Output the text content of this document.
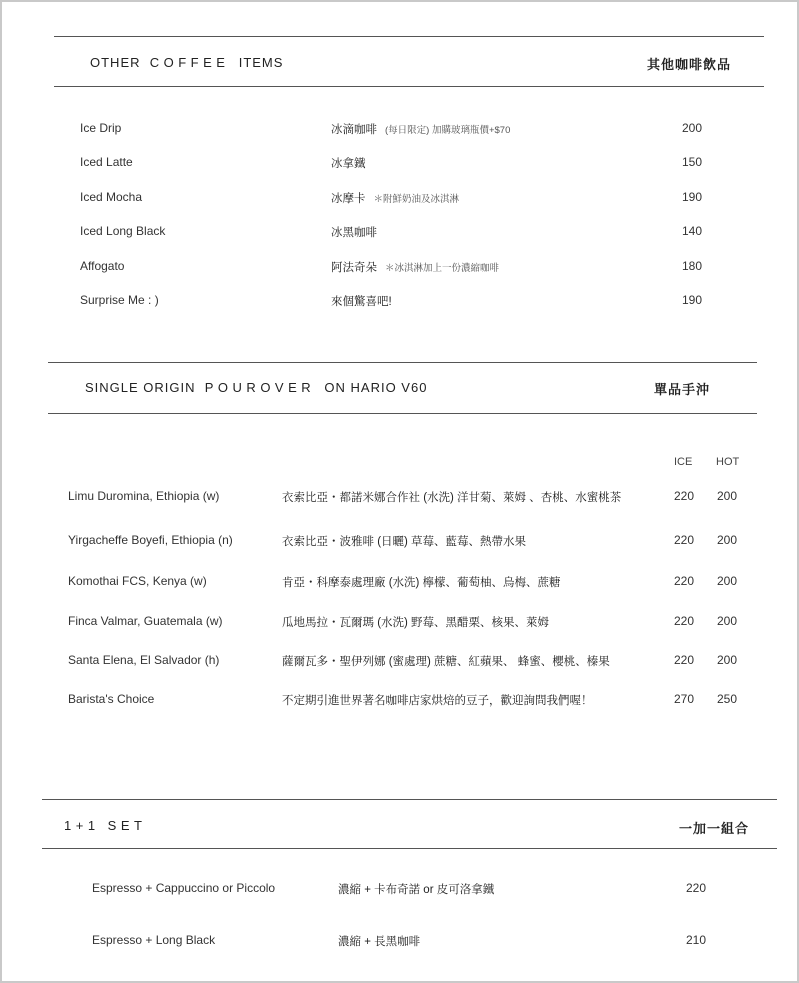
OTHER COFFEE ITEMS	其他咖啡飲品
Ice Drip	冰滴咖啡 (每日限定) 加購玻璃瓶價+$70	200
Iced Latte	冰拿鐵	150
Iced Mocha	冰摩卡 ＊附鮮奶油及冰淇淋	190
Iced Long Black	冰黑咖啡	140
Affogato	阿法奇朵 ＊冰淇淋加上一份濃縮咖啡	180
Surprise Me : )	來個驚喜吧!	190
SINGLE ORIGIN POUROVER ON HARIO V60	單品手沖
ICE HOT
Limu Duromina, Ethiopia (w)	衣索比亞・都諾米娜合作社 (水洗) 洋甘菊、萊姆 、杏桃、水蜜桃茶	220 200
Yirgacheffe Boyefi, Ethiopia (n)	衣索比亞・波雅啡 (日曬) 草莓、藍莓、熱帶水果	220 200
Komothai FCS, Kenya (w)	肯亞・科摩泰處理廠 (水洗) 檸檬、葡萄柚、烏梅、蔗糖	220 200
Finca Valmar, Guatemala (w)	瓜地馬拉・瓦爾瑪 (水洗) 野莓、黑醋栗、核果、萊姆	220 200
Santa Elena, El Salvador (h)	薩爾瓦多・聖伊列娜 (蜜處理) 蔗糖、紅蘋果、 蜂蜜、櫻桃、榛果	220 200
Barista's Choice	不定期引進世界著名咖啡店家烘焙的豆子，歡迎詢問我們喔！	270 250
1+1 SET	一加一組合
Espresso + Cappuccino or Piccolo	濃縮 + 卡布奇諾 or 皮可洛拿鐵	220
Espresso + Long Black	濃縮 + 長黑咖啡	210
